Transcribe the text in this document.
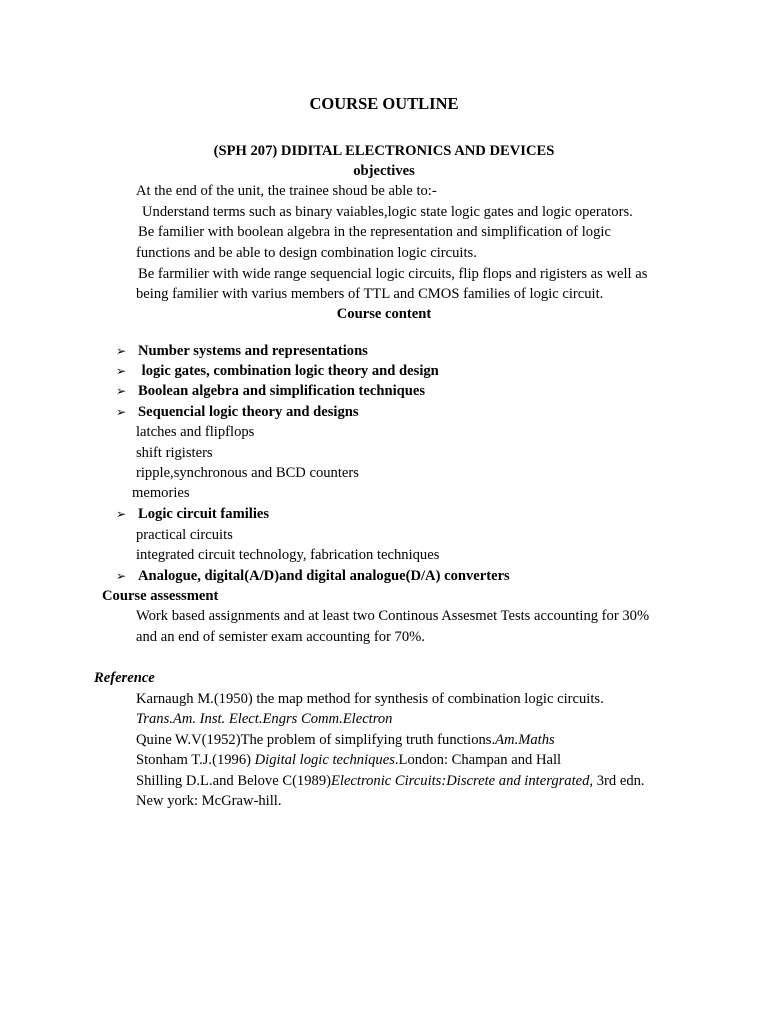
COURSE OUTLINE
(SPH 207) DIDITAL ELECTRONICS AND DEVICES
objectives
At the end of the unit, the trainee shoud be able to:-
Understand terms such as binary vaiables,logic state logic gates and logic operators.
Be familier with boolean algebra in the representation and simplification of logic
functions and be able to design combination logic circuits.
Be farmilier with wide range sequencial logic circuits, flip flops and rigisters as well as
being familier with varius members of TTL and CMOS families of logic circuit.
Course content
➢ Number systems and representations
➢ logic gates, combination logic theory and design
➢ Boolean algebra and simplification techniques
➢ Sequencial logic theory and designs
latches and flipflops
shift rigisters
ripple,synchronous and BCD counters
memories
➢ Logic circuit families
practical circuits
integrated circuit technology, fabrication techniques
➢ Analogue, digital(A/D)and digital analogue(D/A) converters
Course assessment
Work based assignments and at least two Continous Assesmet Tests accounting for 30%
and an end of semister exam accounting for 70%.
Reference
Karnaugh M.(1950) the map method for synthesis of combination logic circuits.
Trans.Am. Inst. Elect.Engrs Comm.Electron
Quine W.V(1952)The problem of simplifying truth functions.Am.Maths
Stonham T.J.(1996) Digital logic techniques.London: Champan and Hall
Shilling D.L.and Belove C(1989)Electronic Circuits:Discrete and intergrated, 3rd edn.
New york: McGraw-hill.
